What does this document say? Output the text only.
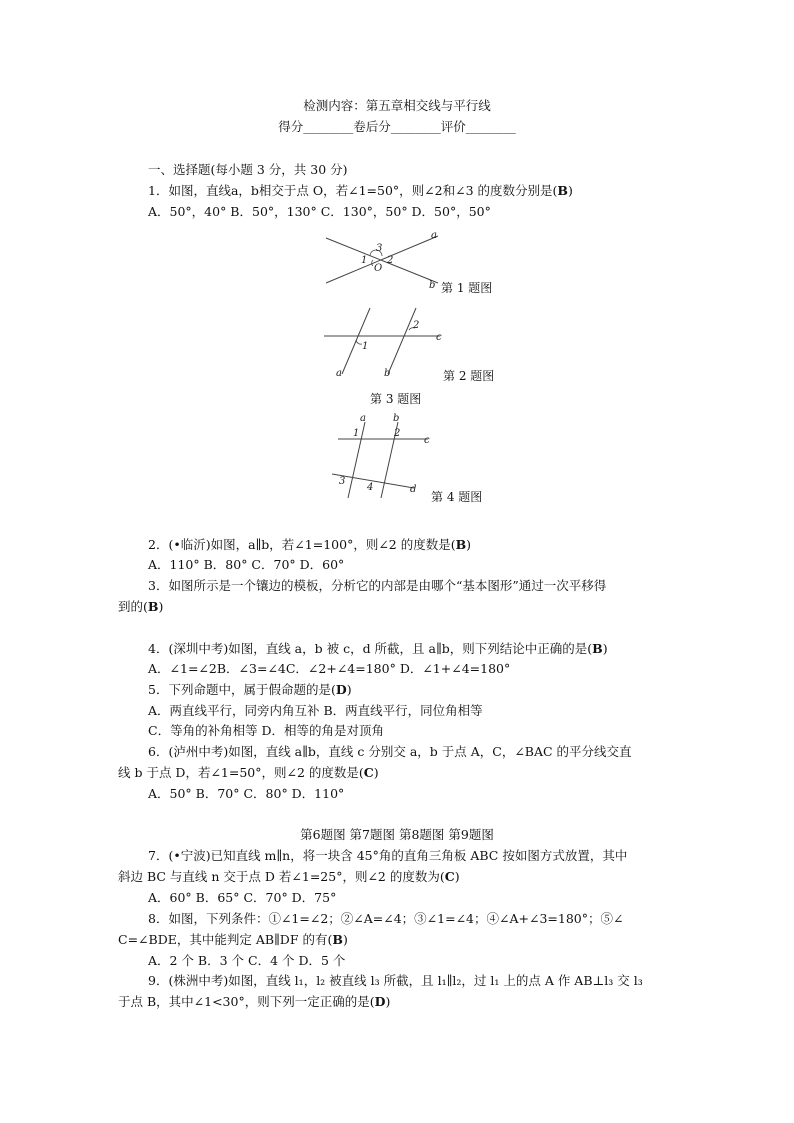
检测内容：第五章相交线与平行线
得分________卷后分________评价________
一、选择题(每小题 3 分，共 30 分)
1．如图，直线a，b相交于点 O，若∠1=50°，则∠2和∠3 的度数分别是(B)
A．50°，40° B．50°，130° C．130°，50° D．50°，50°
a
b
O
1 2
3
第 1 题图
a	b
c
1
2
第 2 题图
第 3 题图
a	b
c
d
1	2
3
4
第 4 题图
2．(•临沂)如图，a∥b，若∠1=100°，则∠2 的度数是(B)
A．110° B．80° C．70° D．60°
3．如图所示是一个镶边的模板，分析它的内部是由哪个“基本图形”通过一次平移得
到的(B)
4．(深圳中考)如图，直线 a，b 被 c，d 所截，且 a∥b，则下列结论中正确的是(B)
A．∠1=∠2B．∠3=∠4C．∠2+∠4=180° D．∠1+∠4=180°
5．下列命题中，属于假命题的是(D)
A．两直线平行，同旁内角互补 B．两直线平行，同位角相等
C．等角的补角相等 D．相等的角是对顶角
6．(泸州中考)如图，直线 a∥b，直线 c 分别交 a，b 于点 A，C，∠BAC 的平分线交直
线 b 于点 D，若∠1=50°，则∠2 的度数是(C)
A．50° B．70° C．80° D．110°
第6题图 第7题图 第8题图 第9题图
7．(•宁波)已知直线 m∥n，将一块含 45°角的直角三角板 ABC 按如图方式放置，其中
斜边 BC 与直线 n 交于点 D 若∠1=25°，则∠2 的度数为(C)
A．60° B．65° C．70° D．75°
8．如图，下列条件：①∠1=∠2；②∠A=∠4；③∠1=∠4；④∠A+∠3=180°；⑤∠
C=∠BDE，其中能判定 AB∥DF 的有(B)
A．2 个 B．3 个 C．4 个 D．5 个
9．(株洲中考)如图，直线 l₁，l₂ 被直线 l₃ 所截，且 l₁∥l₂，过 l₁ 上的点 A 作 AB⊥l₃ 交 l₃
于点 B，其中∠1<30°，则下列一定正确的是(D)
